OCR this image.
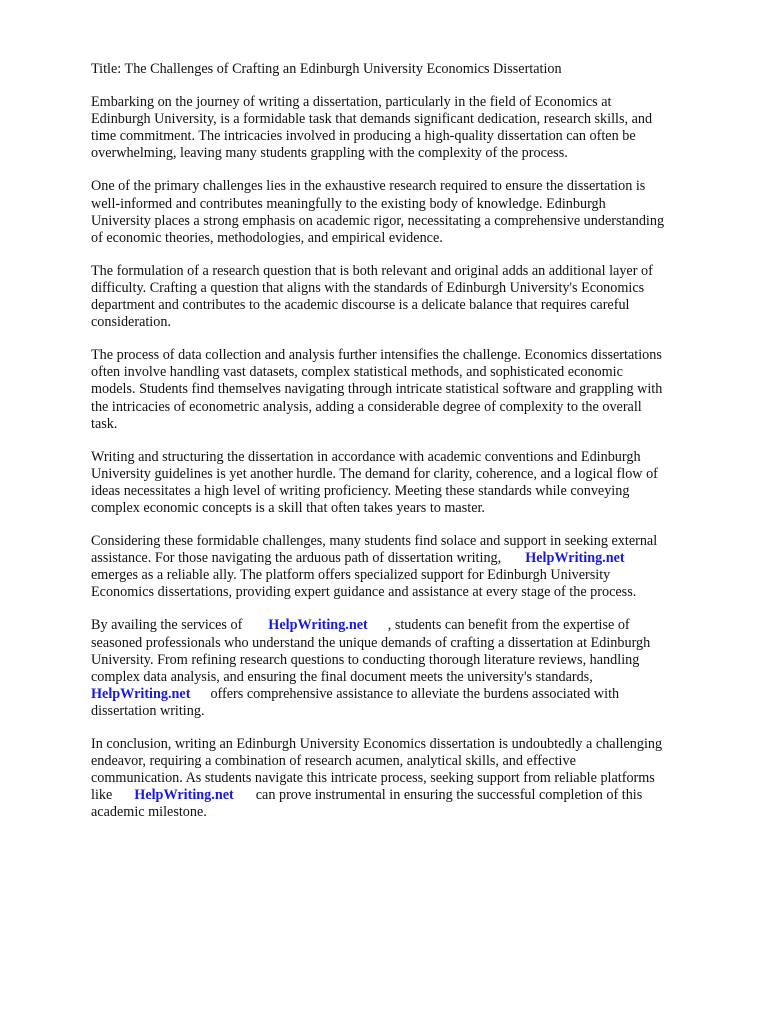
Title: The Challenges of Crafting an Edinburgh University Economics Dissertation
Embarking on the journey of writing a dissertation, particularly in the field of Economics at
Edinburgh University, is a formidable task that demands significant dedication, research skills, and
time commitment. The intricacies involved in producing a high-quality dissertation can often be
overwhelming, leaving many students grappling with the complexity of the process.
One of the primary challenges lies in the exhaustive research required to ensure the dissertation is
well-informed and contributes meaningfully to the existing body of knowledge. Edinburgh
University places a strong emphasis on academic rigor, necessitating a comprehensive understanding
of economic theories, methodologies, and empirical evidence.
The formulation of a research question that is both relevant and original adds an additional layer of
difficulty. Crafting a question that aligns with the standards of Edinburgh University's Economics
department and contributes to the academic discourse is a delicate balance that requires careful
consideration.
The process of data collection and analysis further intensifies the challenge. Economics dissertations
often involve handling vast datasets, complex statistical methods, and sophisticated economic
models. Students find themselves navigating through intricate statistical software and grappling with
the intricacies of econometric analysis, adding a considerable degree of complexity to the overall
task.
Writing and structuring the dissertation in accordance with academic conventions and Edinburgh
University guidelines is yet another hurdle. The demand for clarity, coherence, and a logical flow of
ideas necessitates a high level of writing proficiency. Meeting these standards while conveying
complex economic concepts is a skill that often takes years to master.
Considering these formidable challenges, many students find solace and support in seeking external
assistance. For those navigating the arduous path of dissertation writing, HelpWriting.net
emerges as a reliable ally. The platform offers specialized support for Edinburgh University
Economics dissertations, providing expert guidance and assistance at every stage of the process.
By availing the services of HelpWriting.net , students can benefit from the expertise of
seasoned professionals who understand the unique demands of crafting a dissertation at Edinburgh
University. From refining research questions to conducting thorough literature reviews, handling
complex data analysis, and ensuring the final document meets the university's standards,
HelpWriting.net offers comprehensive assistance to alleviate the burdens associated with
dissertation writing.
In conclusion, writing an Edinburgh University Economics dissertation is undoubtedly a challenging
endeavor, requiring a combination of research acumen, analytical skills, and effective
communication. As students navigate this intricate process, seeking support from reliable platforms
like HelpWriting.net can prove instrumental in ensuring the successful completion of this
academic milestone.
